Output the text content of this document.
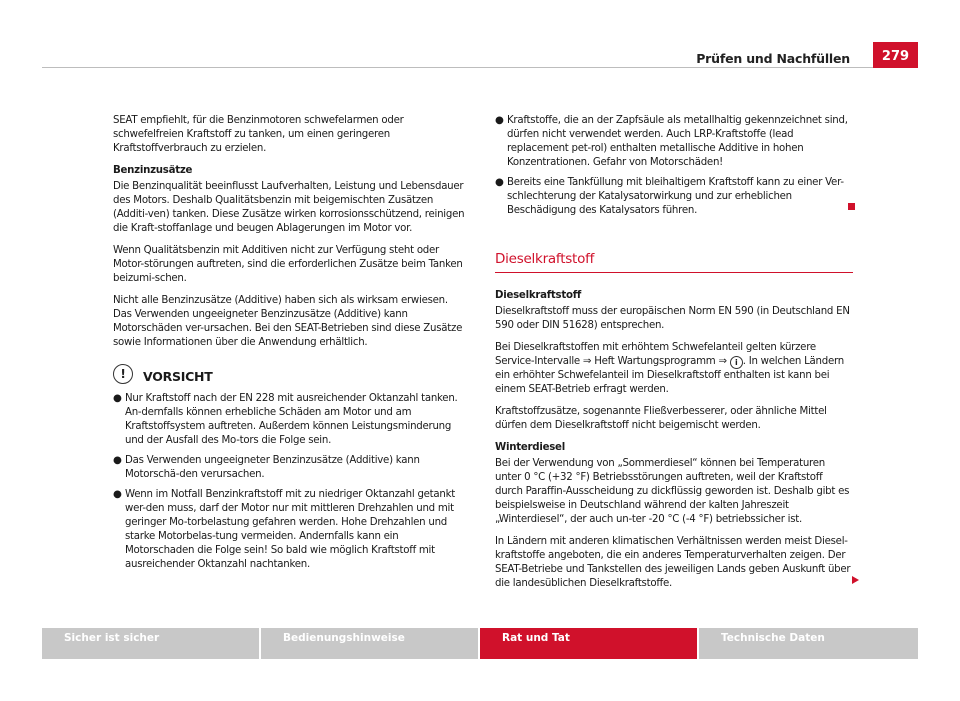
Prüfen und Nachfüllen	279

SEAT empfiehlt, für die Benzinmotoren schwefelarmen oder schwefelfreien Kraftstoff zu tanken, um einen geringeren Kraftstoffverbrauch zu erzielen.

Benzinzusätze

Die Benzinqualität beeinflusst Laufverhalten, Leistung und Lebensdauer des Motors. Deshalb Qualitätsbenzin mit beigemischten Zusätzen (Additi-ven) tanken. Diese Zusätze wirken korrosionsschützend, reinigen die Kraft-stoffanlage und beugen Ablagerungen im Motor vor.

Wenn Qualitätsbenzin mit Additiven nicht zur Verfügung steht oder Motor-störungen auftreten, sind die erforderlichen Zusätze beim Tanken beizumi-schen.

Nicht alle Benzinzusätze (Additive) haben sich als wirksam erwiesen. Das Verwenden ungeeigneter Benzinzusätze (Additive) kann Motorschäden ver-ursachen. Bei den SEAT-Betrieben sind diese Zusätze sowie Informationen über die Anwendung erhältlich.

!	VORSICHT
● Nur Kraftstoff nach der EN 228 mit ausreichender Oktanzahl tanken. An-dernfalls können erhebliche Schäden am Motor und am Kraftstoffsystem auftreten. Außerdem können Leistungsminderung und der Ausfall des Mo-tors die Folge sein.
● Das Verwenden ungeeigneter Benzinzusätze (Additive) kann Motorschä-den verursachen.
● Wenn im Notfall Benzinkraftstoff mit zu niedriger Oktanzahl getankt wer-den muss, darf der Motor nur mit mittleren Drehzahlen und mit geringer Mo-torbelastung gefahren werden. Hohe Drehzahlen und starke Motorbelas-tung vermeiden. Andernfalls kann ein Motorschaden die Folge sein! So bald wie möglich Kraftstoff mit ausreichender Oktanzahl nachtanken.
● Kraftstoffe, die an der Zapfsäule als metallhaltig gekennzeichnet sind, dürfen nicht verwendet werden. Auch LRP-Kraftstoffe (lead replacement pet-rol) enthalten metallische Additive in hohen Konzentrationen. Gefahr von Motorschäden!
● Bereits eine Tankfüllung mit bleihaltigem Kraftstoff kann zu einer Ver-schlechterung der Katalysatorwirkung und zur erheblichen Beschädigung des Katalysators führen.
Dieselkraftstoff

Dieselkraftstoff

Dieselkraftstoff muss der europäischen Norm EN 590 (in Deutschland EN 590 oder DIN 51628) entsprechen.

Bei Dieselkraftstoffen mit erhöhtem Schwefelanteil gelten kürzere Service-Intervalle ⇒ Heft Wartungsprogramm ⇒ i . In welchen Ländern ein erhöhter Schwefelanteil im Dieselkraftstoff enthalten ist kann bei einem SEAT-Betrieb erfragt werden.

Kraftstoffzusätze, sogenannte Fließverbesserer, oder ähnliche Mittel dürfen dem Dieselkraftstoff nicht beigemischt werden.

Winterdiesel

Bei der Verwendung von „Sommerdiesel“ können bei Temperaturen unter 0 °C (+32 °F) Betriebsstörungen auftreten, weil der Kraftstoff durch Paraffin-Ausscheidung zu dickflüssig geworden ist. Deshalb gibt es beispielsweise in Deutschland während der kalten Jahreszeit „Winterdiesel“, der auch un-ter -20 °C (-4 °F) betriebssicher ist.

In Ländern mit anderen klimatischen Verhältnissen werden meist Diesel-kraftstoffe angeboten, die ein anderes Temperaturverhalten zeigen. Der SEAT-Betriebe und Tankstellen des jeweiligen Lands geben Auskunft über die landesüblichen Dieselkraftstoffe.

Sicher ist sicher	Bedienungshinweise	Rat und Tat	Technische Daten
